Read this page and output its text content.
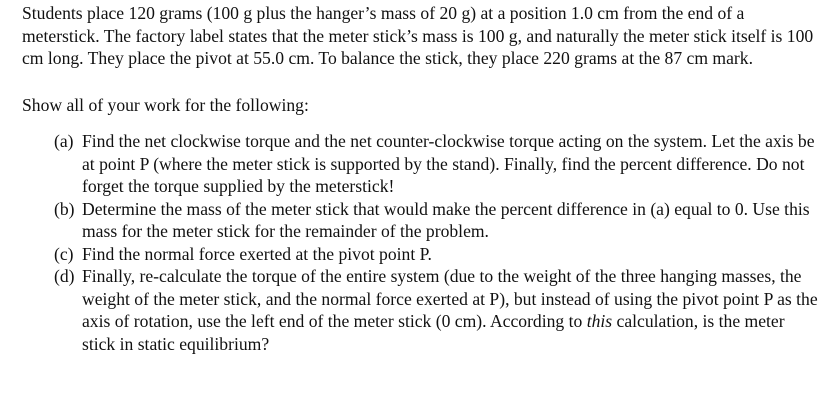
Students place 120 grams (100 g plus the hanger’s mass of 20 g) at a position 1.0 cm from the end of a meterstick. The factory label states that the meter stick’s mass is 100 g, and naturally the meter stick itself is 100 cm long. They place the pivot at 55.0 cm. To balance the stick, they place 220 grams at the 87 cm mark.

Show all of your work for the following:

(a) Find the net clockwise torque and the net counter-clockwise torque acting on the system. Let the axis be at point P (where the meter stick is supported by the stand). Finally, find the percent difference. Do not forget the torque supplied by the meterstick!
(b) Determine the mass of the meter stick that would make the percent difference in (a) equal to 0. Use this mass for the meter stick for the remainder of the problem.
(c) Find the normal force exerted at the pivot point P.
(d) Finally, re-calculate the torque of the entire system (due to the weight of the three hanging masses, the weight of the meter stick, and the normal force exerted at P), but instead of using the pivot point P as the axis of rotation, use the left end of the meter stick (0 cm). According to this calculation, is the meter stick in static equilibrium?
